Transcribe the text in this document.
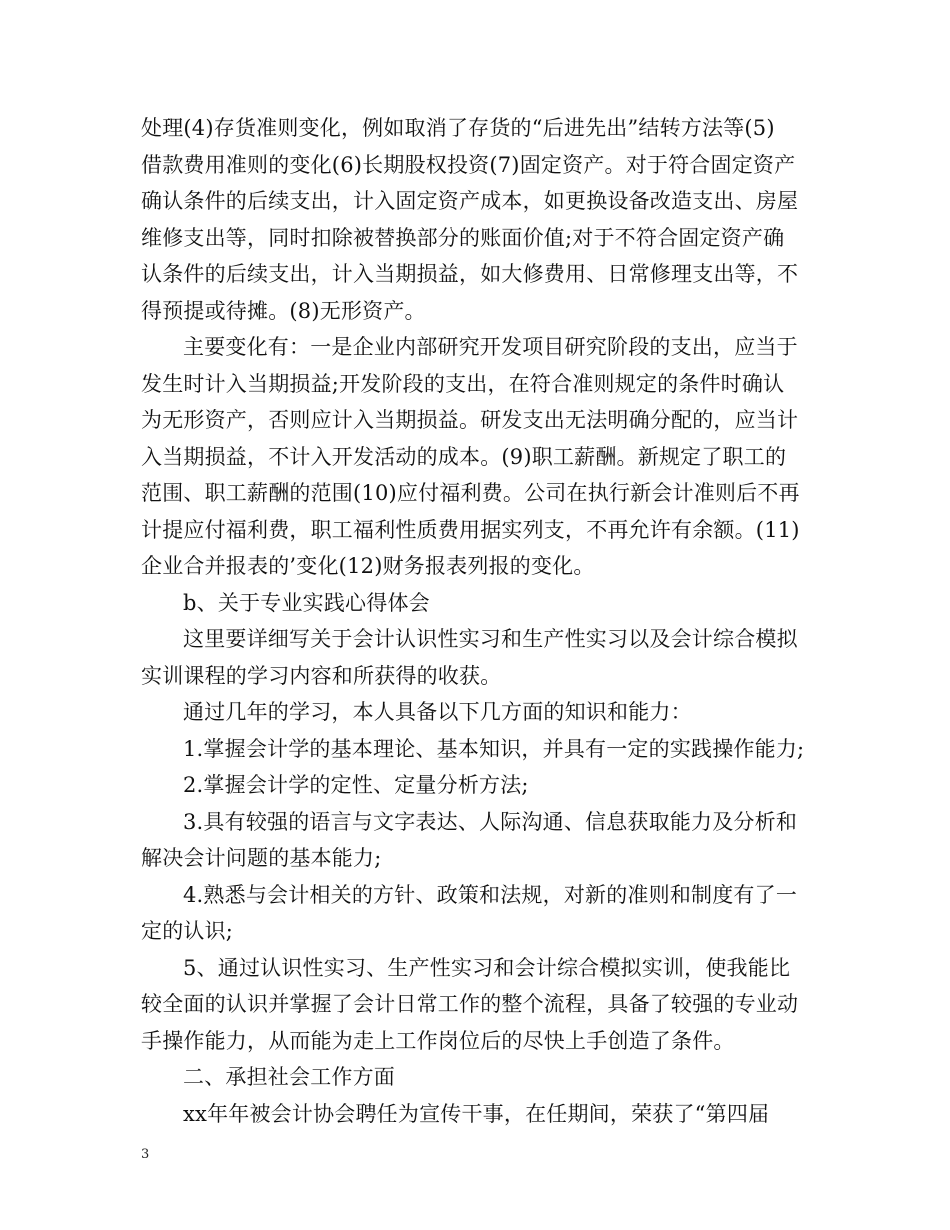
处理(4)存货准则变化，例如取消了存货的“后进先出”结转方法等(5)
借款费用准则的变化(6)长期股权投资(7)固定资产。对于符合固定资产
确认条件的后续支出，计入固定资产成本，如更换设备改造支出、房屋
维修支出等，同时扣除被替换部分的账面价值;对于不符合固定资产确
认条件的后续支出，计入当期损益，如大修费用、日常修理支出等，不
得预提或待摊。(8)无形资产。
主要变化有：一是企业内部研究开发项目研究阶段的支出，应当于
发生时计入当期损益;开发阶段的支出，在符合准则规定的条件时确认
为无形资产，否则应计入当期损益。研发支出无法明确分配的，应当计
入当期损益，不计入开发活动的成本。(9)职工薪酬。新规定了职工的
范围、职工薪酬的范围(10)应付福利费。公司在执行新会计准则后不再
计提应付福利费，职工福利性质费用据实列支，不再允许有余额。(11)
企业合并报表的’变化(12)财务报表列报的变化。
b、关于专业实践心得体会
这里要详细写关于会计认识性实习和生产性实习以及会计综合模拟
实训课程的学习内容和所获得的收获。
通过几年的学习，本人具备以下几方面的知识和能力：
1.掌握会计学的基本理论、基本知识，并具有一定的实践操作能力;
2.掌握会计学的定性、定量分析方法;
3.具有较强的语言与文字表达、人际沟通、信息获取能力及分析和
解决会计问题的基本能力;
4.熟悉与会计相关的方针、政策和法规，对新的准则和制度有了一
定的认识;
5、通过认识性实习、生产性实习和会计综合模拟实训，使我能比
较全面的认识并掌握了会计日常工作的整个流程，具备了较强的专业动
手操作能力，从而能为走上工作岗位后的尽快上手创造了条件。
二、承担社会工作方面
xx年年被会计协会聘任为宣传干事，在任期间，荣获了“第四届
3
